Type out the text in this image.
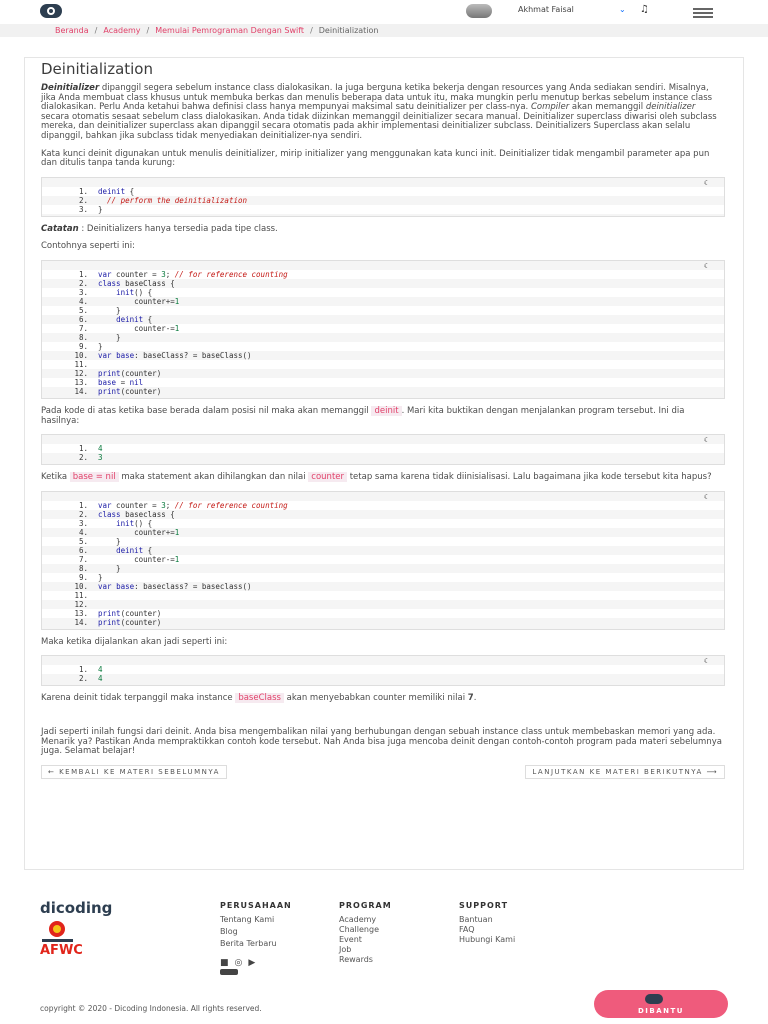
Akhmat Faisal	⌄ ♫
Beranda / Academy / Memulai Pemrograman Dengan Swift / Deinitialization
Deinitialization

Deinitializer dipanggil segera sebelum instance class dialokasikan. Ia juga berguna ketika bekerja dengan resources yang Anda sediakan sendiri. Misalnya, jika Anda membuat class khusus untuk membuka berkas dan menulis beberapa data untuk itu, maka mungkin perlu menutup berkas sebelum instance class dialokasikan. Perlu Anda ketahui bahwa definisi class hanya mempunyai maksimal satu deinitializer per class-nya. Compiler akan memanggil deinitializer secara otomatis sesaat sebelum class dialokasikan. Anda tidak diizinkan memanggil deinitializer secara manual. Deinitializer superclass diwarisi oleh subclass mereka, dan deinitializer superclass akan dipanggil secara otomatis pada akhir implementasi deinitializer subclass. Deinitializers Superclass akan selalu dipanggil, bahkan jika subclass tidak menyediakan deinitializer-nya sendiri.

Kata kunci deinit digunakan untuk menulis deinitializer, mirip initializer yang menggunakan kata kunci init. Deinitializer tidak mengambil parameter apa pun dan ditulis tanpa tanda kurung:

☾
1.	deinit {
2.	// perform the deinitialization
3.	}

Catatan : Deinitializers hanya tersedia pada tipe class.

Contohnya seperti ini:

☾
1.	var counter = 3; // for reference counting
2.	class baseClass {
3.	init() {
4.	counter+=1
5.	}
6.	deinit {
7.	counter-=1
8.	}
9.	}
10.	var base: baseClass? = baseClass()
11.
12.	print(counter)
13.	base = nil
14.	print(counter)

Pada kode di atas ketika base berada dalam posisi nil maka akan memanggil deinit . Mari kita buktikan dengan menjalankan program tersebut. Ini dia hasilnya:

☾
1.	4
2.	3

Ketika base = nil maka statement akan dihilangkan dan nilai counter tetap sama karena tidak diinisialisasi. Lalu bagaimana jika kode tersebut kita hapus?

☾
1.	var counter = 3; // for reference counting
2.	class baseclass {
3.	init() {
4.	counter+=1
5.	}
6.	deinit {
7.	counter-=1
8.	}
9.	}
10.	var base: baseclass? = baseclass()
11.
12.
13.	print(counter)
14.	print(counter)

Maka ketika dijalankan akan jadi seperti ini:

☾
1.	4
2.	4

Karena deinit tidak terpanggil maka instance baseClass akan menyebabkan counter memiliki nilai 7.

Jadi seperti inilah fungsi dari deinit. Anda bisa mengembalikan nilai yang berhubungan dengan sebuah instance class untuk membebaskan memori yang ada. Menarik ya? Pastikan Anda mempraktikkan contoh kode tersebut. Nah Anda bisa juga mencoba deinit dengan contoh-contoh program pada materi sebelumnya juga. Selamat belajar!

← KEMBALI KE MATERI SEBELUMNYA	LANJUTKAN KE MATERI BERIKUTNYA ⟶
dicoding
AFWC
PERUSAHAAN
Tentang Kami
Blog
Berita Terbaru
PROGRAM
Academy
Challenge
Event
Job
Rewards
SUPPORT
Bantuan
FAQ
Hubungi Kami
■ ◎ ▶
copyright © 2020 - Dicoding Indonesia. All rights reserved.	DIBANTU
